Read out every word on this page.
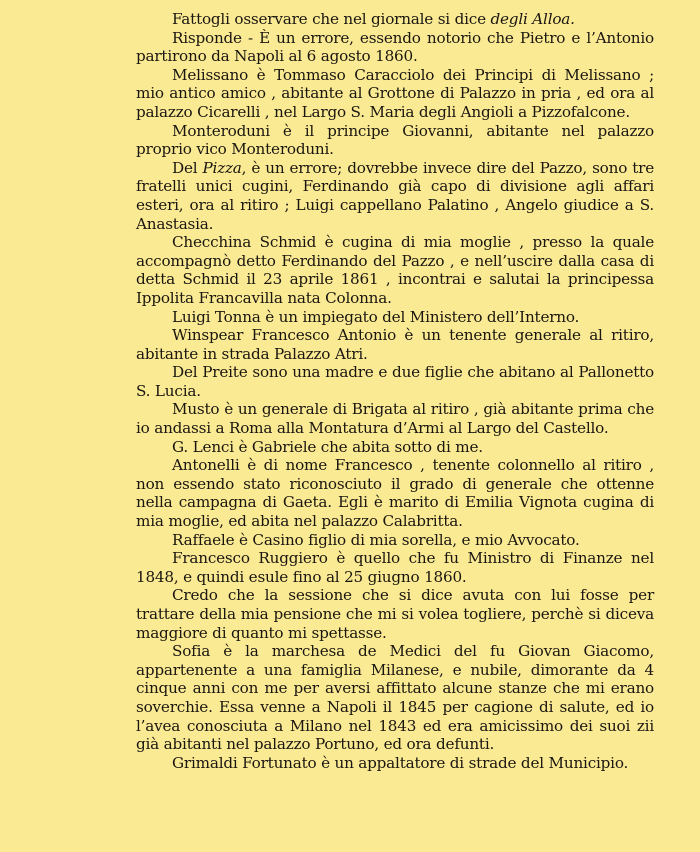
Fattogli osservare che nel giornale si dice degli Alloa.

Risponde - È un errore, essendo notorio che Pietro e l’Antonio partirono da Napoli al 6 agosto 1860.

Melissano è Tommaso Caracciolo dei Principi di Melissano ; mio antico amico , abitante al Grottone di Palazzo in pria , ed ora al palazzo Cicarelli , nel Largo S. Maria degli Angioli a Pizzofalcone.

Monteroduni è il principe Giovanni, abitante nel palazzo proprio vico Monteroduni.

Del Pizza, è un errore; dovrebbe invece dire del Pazzo, sono tre fratelli unici cugini, Ferdinando già capo di divisione agli affari esteri, ora al ritiro ; Luigi cappellano Palatino , Angelo giudice a S. Anastasia.

Checchina Schmid è cugina di mia moglie , presso la quale accompagnò detto Ferdinando del Pazzo , e nell’uscire dalla casa di detta Schmid il 23 aprile 1861 , incontrai e salutai la principessa Ippolita Francavilla nata Colonna.

Luigi Tonna è un impiegato del Ministero dell’Interno.

Winspear Francesco Antonio è un tenente generale al ritiro, abitante in strada Palazzo Atri.

Del Preite sono una madre e due figlie che abitano al Pallonetto S. Lucia.

Musto è un generale di Brigata al ritiro , già abitante prima che io andassi a Roma alla Montatura d’Armi al Largo del Castello.

G. Lenci è Gabriele che abita sotto di me.

Antonelli è di nome Francesco , tenente colonnello al ritiro , non essendo stato riconosciuto il grado di generale che ottenne nella campagna di Gaeta. Egli è marito di Emilia Vignota cugina di mia moglie, ed abita nel palazzo Calabritta.

Raffaele è Casino figlio di mia sorella, e mio Avvocato.

Francesco Ruggiero è quello che fu Ministro di Finanze nel 1848, e quindi esule fino al 25 giugno 1860.

Credo che la sessione che si dice avuta con lui fosse per trattare della mia pensione che mi si volea togliere, perchè si diceva maggiore di quanto mi spettasse.

Sofia è la marchesa de Medici del fu Giovan Giacomo, appartenente a una famiglia Milanese, e nubile, dimorante da 4 cinque anni con me per aversi affittato alcune stanze che mi erano soverchie. Essa venne a Napoli il 1845 per cagione di salute, ed io l’avea conosciuta a Milano nel 1843 ed era amicissimo dei suoi zii già abitanti nel palazzo Portuno, ed ora defunti.

Grimaldi Fortunato è un appaltatore di strade del Municipio.
